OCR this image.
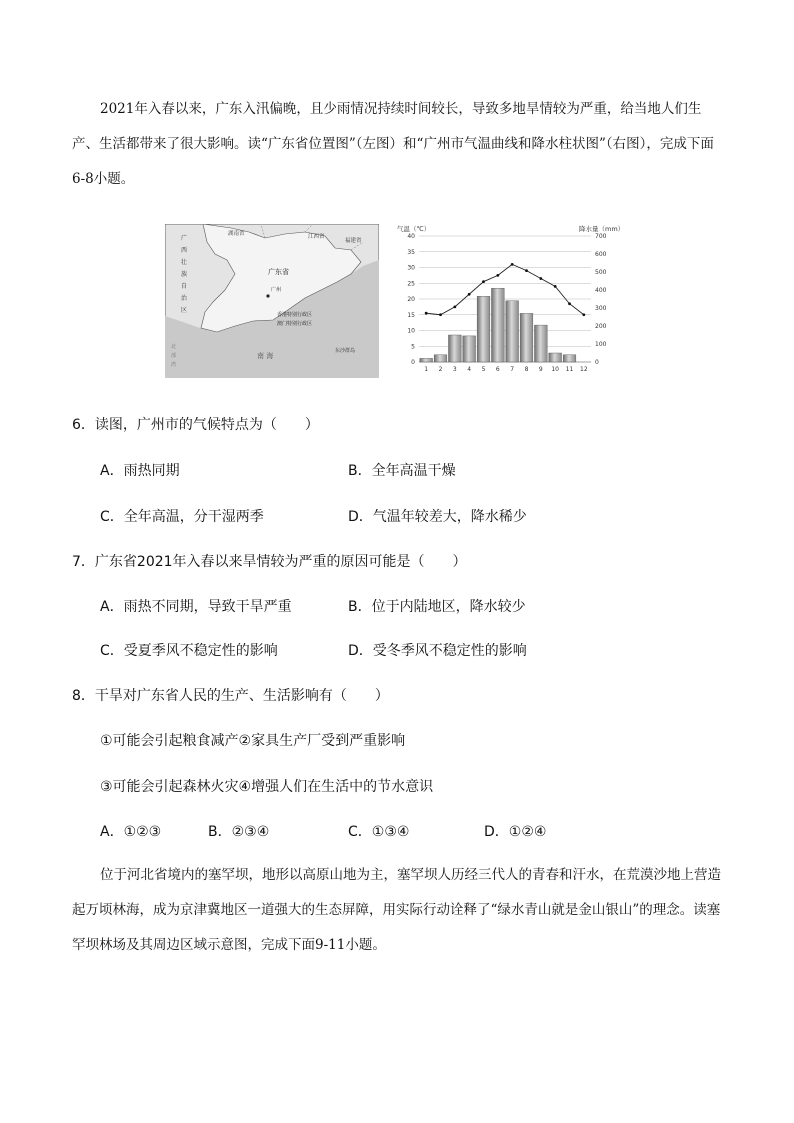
2021年入春以来，广东入汛偏晚，且少雨情况持续时间较长，导致多地旱情较为严重，给当地人们生产、生活都带来了很大影响。读“广东省位置图”（左图）和“广州市气温曲线和降水柱状图”（右图），完成下面6-8小题。
湖南省	江西省
福建省
广
西
壮
族
自
治
区
广东省
广州
香港特别行政区
澳门特别行政区
南 海
东沙群岛
北
部
湾
气温（℃）	降水量（mm）
0
5
10
15
20
25
30
35
40
0
100
200
300
400
500
600
700
1 2 3 4 5 6 7 8 9 10 11 12
6．读图，广州市的气候特点为（　　）
A．雨热同期	B．全年高温干燥
C．全年高温，分干湿两季	D．气温年较差大，降水稀少
7．广东省2021年入春以来旱情较为严重的原因可能是（　　）
A．雨热不同期，导致干旱严重	B．位于内陆地区，降水较少
C．受夏季风不稳定性的影响	D．受冬季风不稳定性的影响
8．干旱对广东省人民的生产、生活影响有（　　）
①可能会引起粮食减产②家具生产厂受到严重影响
③可能会引起森林火灾④增强人们在生活中的节水意识
A．①②③	B．②③④	C．①③④	D．①②④
位于河北省境内的塞罕坝，地形以高原山地为主，塞罕坝人历经三代人的青春和汗水，在荒漠沙地上营造起万顷林海，成为京津冀地区一道强大的生态屏障，用实际行动诠释了“绿水青山就是金山银山”的理念。读塞罕坝林场及其周边区域示意图，完成下面9-11小题。
